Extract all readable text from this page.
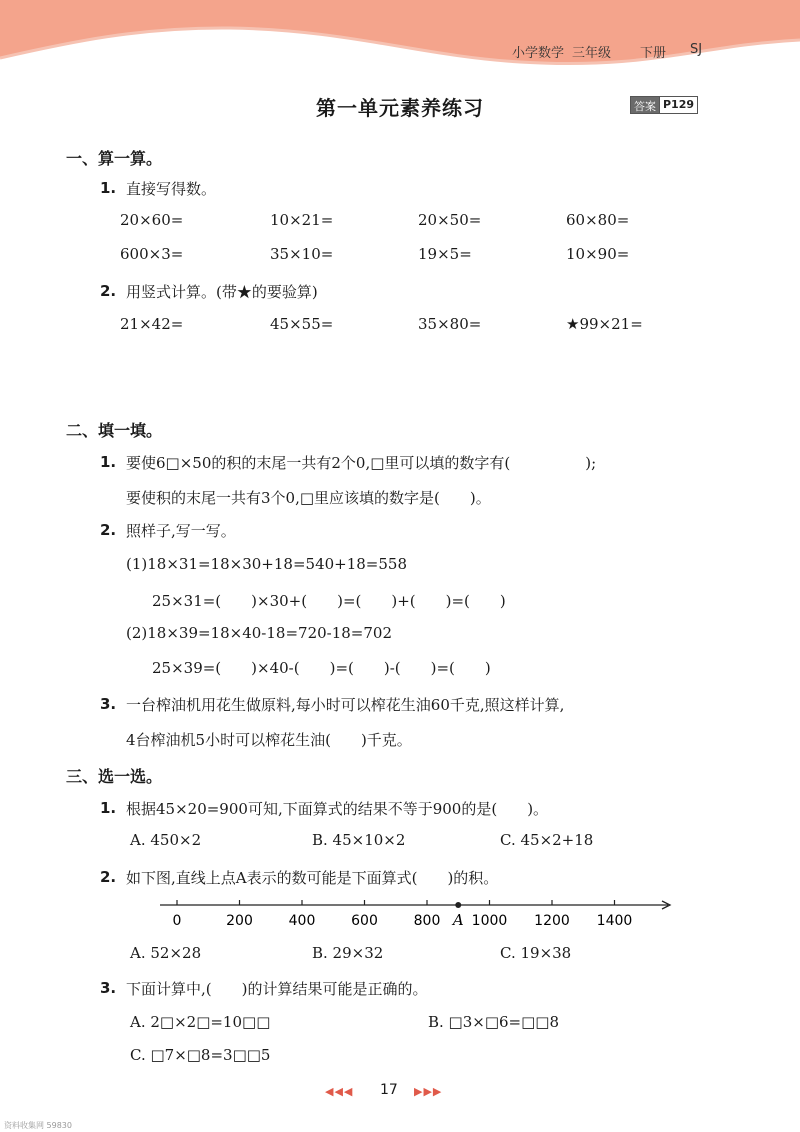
小学数学 三年级 下册 SJ
第一单元素养练习	答案 P129
一、算一算。
1. 直接写得数。
20×60=	10×21=	20×50=	60×80=
600×3=	35×10=	19×5=	10×90=
2. 用竖式计算。(带★的要验算)
21×42=	45×55=	35×80=	★99×21=
二、填一填。
1. 要使6□×50的积的末尾一共有2个0,□里可以填的数字有(　　　　　);
要使积的末尾一共有3个0,□里应该填的数字是(　　)。
2. 照样子,写一写。
(1)18×31=18×30+18=540+18=558
25×31=(　　)×30+(　　)=(　　)+(　　)=(　　)
(2)18×39=18×40-18=720-18=702
25×39=(　　)×40-(　　)=(　　)-(　　)=(　　)
3. 一台榨油机用花生做原料,每小时可以榨花生油60千克,照这样计算,
4台榨油机5小时可以榨花生油(　　)千克。
三、选一选。
1. 根据45×20=900可知,下面算式的结果不等于900的是(　　)。
A. 450×2	B. 45×10×2	C. 45×2+18
2. 如下图,直线上点A表示的数可能是下面算式(　　)的积。
0	200	400	600	800 1000 1200 1400
A
A. 52×28	B. 29×32	C. 19×38
3. 下面计算中,(　　)的计算结果可能是正确的。
A. 2□×2□=10□□	B. □3×□6=□□8
C. □7×□8=3□□5
◀◀◀ 17 ▶▶▶
资料收集网 59830
